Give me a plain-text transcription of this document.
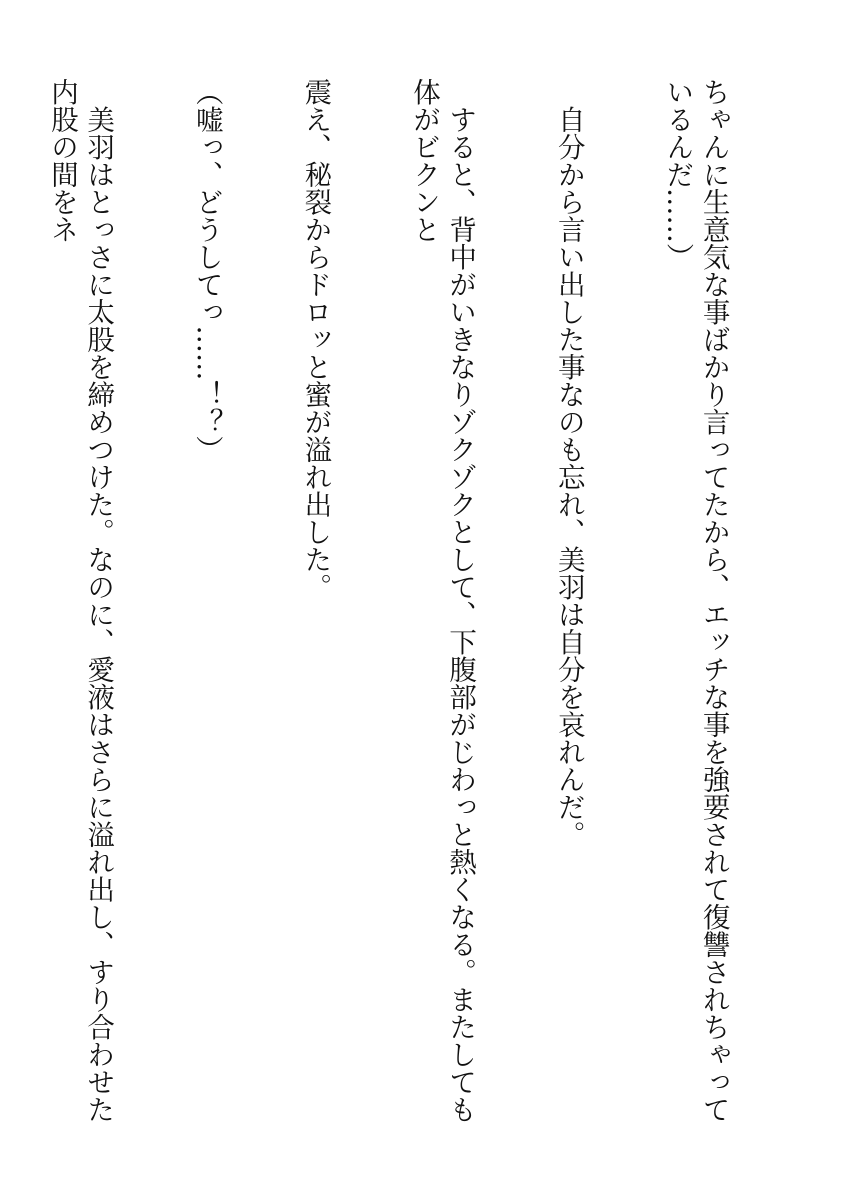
ちゃんに生意気な事ばかり言ってたから、エッチな事を強要されて復讐されちゃっているんだ……）

　自分から言い出した事なのも忘れ、美羽は自分を哀れんだ。

　すると、背中がいきなりゾクゾクとして、下腹部がじわっと熱くなる。またしても体がビクンと

震え、秘裂からドロッと蜜が溢れ出した。

（嘘っ、どうしてっ……！？）

　美羽はとっさに太股を締めつけた。なのに、愛液はさらに溢れ出し、すり合わせた内股の間をネ
